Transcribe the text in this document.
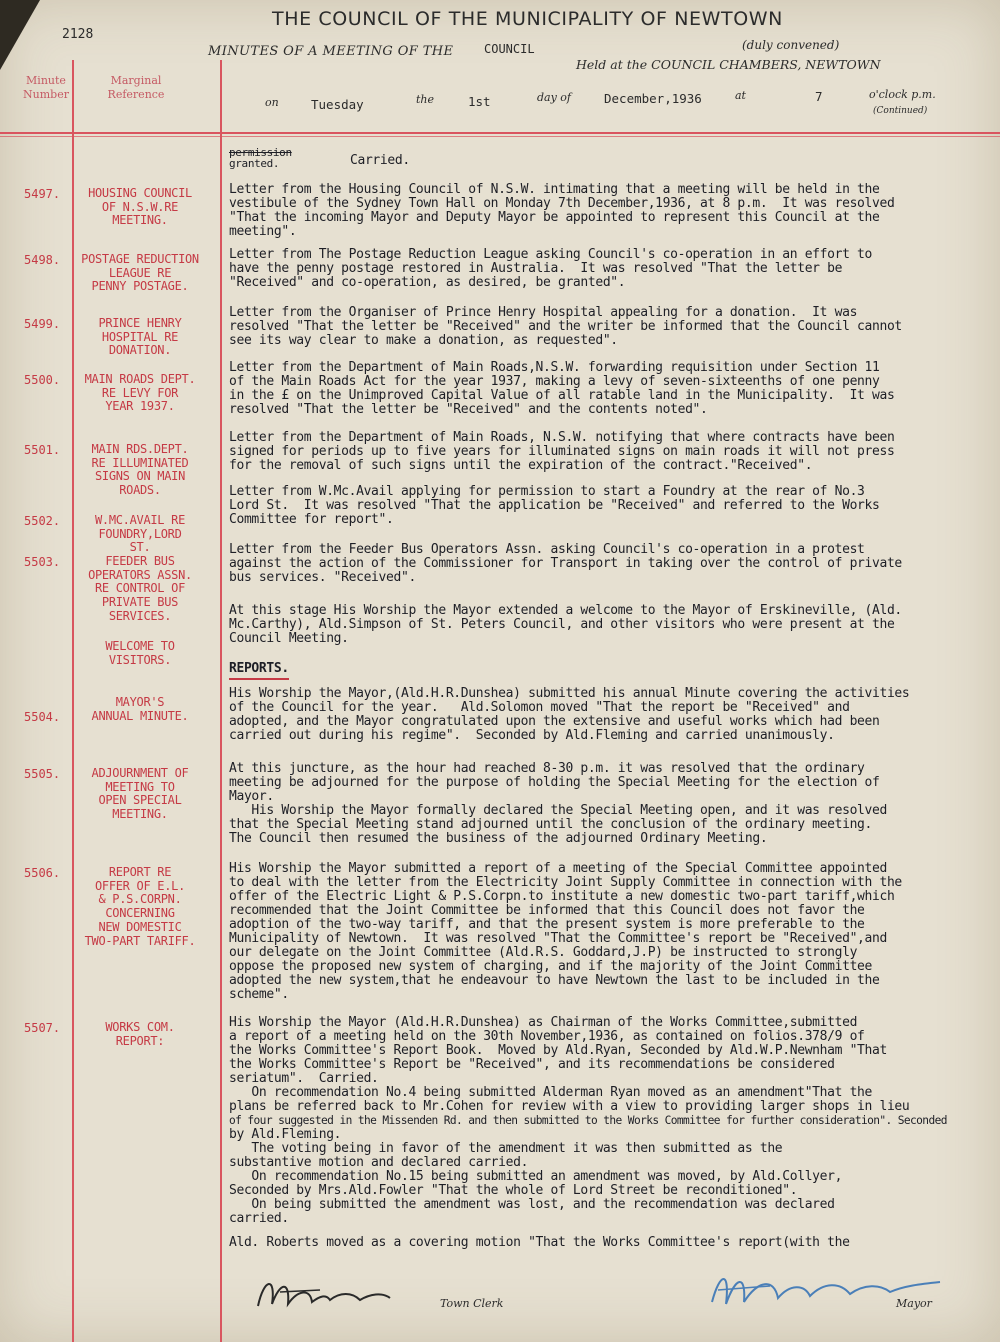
2128
THE COUNCIL OF THE MUNICIPALITY OF NEWTOWN
MINUTES OF A MEETING OF THE	COUNCIL	(duly convened)
Held at the COUNCIL CHAMBERS, NEWTOWN
Minute
Number
Marginal
Reference
on	Tuesday	the	1st	day of	December,1936	at	7	o'clock p.m.
(Continued)
permission
granted.	Carried.
5497.	HOUSING COUNCIL
OF N.S.W.RE
MEETING.
Letter from the Housing Council of N.S.W. intimating that a meeting will be held in the
vestibule of the Sydney Town Hall on Monday 7th December,1936, at 8 p.m.  It was resolved
"That the incoming Mayor and Deputy Mayor be appointed to represent this Council at the
meeting".
5498.	POSTAGE REDUCTION
LEAGUE RE
PENNY POSTAGE.
Letter from The Postage Reduction League asking Council's co-operation in an effort to
have the penny postage restored in Australia.  It was resolved "That the letter be
"Received" and co-operation, as desired, be granted".
5499.	PRINCE HENRY
HOSPITAL RE
DONATION.
Letter from the Organiser of Prince Henry Hospital appealing for a donation.  It was
resolved "That the letter be "Received" and the writer be informed that the Council cannot
see its way clear to make a donation, as requested".
5500.	MAIN ROADS DEPT.
RE LEVY FOR
YEAR 1937.
Letter from the Department of Main Roads,N.S.W. forwarding requisition under Section 11
of the Main Roads Act for the year 1937, making a levy of seven-sixteenths of one penny
in the £ on the Unimproved Capital Value of all ratable land in the Municipality.  It was
resolved "That the letter be "Received" and the contents noted".
5501.	MAIN RDS.DEPT.
RE ILLUMINATED
SIGNS ON MAIN
ROADS.
Letter from the Department of Main Roads, N.S.W. notifying that where contracts have been
signed for periods up to five years for illuminated signs on main roads it will not press
for the removal of such signs until the expiration of the contract."Received".
5502.	W.MC.AVAIL RE
FOUNDRY,LORD
ST.
Letter from W.Mc.Avail applying for permission to start a Foundry at the rear of No.3
Lord St.  It was resolved "That the application be "Received" and referred to the Works
Committee for report".
5503.	FEEDER BUS
OPERATORS ASSN.
RE CONTROL OF
PRIVATE BUS
SERVICES.
Letter from the Feeder Bus Operators Assn. asking Council's co-operation in a protest
against the action of the Commissioner for Transport in taking over the control of private
bus services. "Received".
WELCOME TO
VISITORS.
At this stage His Worship the Mayor extended a welcome to the Mayor of Erskineville, (Ald.
Mc.Carthy), Ald.Simpson of St. Peters Council, and other visitors who were present at the
Council Meeting.
REPORTS.
5504.
MAYOR'S
ANNUAL MINUTE.
His Worship the Mayor,(Ald.H.R.Dunshea) submitted his annual Minute covering the activities
of the Council for the year.   Ald.Solomon moved "That the report be "Received" and
adopted, and the Mayor congratulated upon the extensive and useful works which had been
carried out during his regime".  Seconded by Ald.Fleming and carried unanimously.
5505.	ADJOURNMENT OF
MEETING TO
OPEN SPECIAL
MEETING.
At this juncture, as the hour had reached 8-30 p.m. it was resolved that the ordinary
meeting be adjourned for the purpose of holding the Special Meeting for the election of
Mayor.
His Worship the Mayor formally declared the Special Meeting open, and it was resolved
that the Special Meeting stand adjourned until the conclusion of the ordinary meeting.
The Council then resumed the business of the adjourned Ordinary Meeting.
5506.	REPORT RE
OFFER OF E.L.
& P.S.CORPN.
CONCERNING
NEW DOMESTIC
TWO-PART TARIFF.
His Worship the Mayor submitted a report of a meeting of the Special Committee appointed
to deal with the letter from the Electricity Joint Supply Committee in connection with the
offer of the Electric Light & P.S.Corpn.to institute a new domestic two-part tariff,which
recommended that the Joint Committee be informed that this Council does not favor the
adoption of the two-way tariff, and that the present system is more preferable to the
Municipality of Newtown.  It was resolved "That the Committee's report be "Received",and
our delegate on the Joint Committee (Ald.R.S. Goddard,J.P) be instructed to strongly
oppose the proposed new system of charging, and if the majority of the Joint Committee
adopted the new system,that he endeavour to have Newtown the last to be included in the
scheme".
5507.	WORKS COM.
REPORT:
His Worship the Mayor (Ald.H.R.Dunshea) as Chairman of the Works Committee,submitted
a report of a meeting held on the 30th November,1936, as contained on folios.378/9 of
the Works Committee's Report Book.  Moved by Ald.Ryan, Seconded by Ald.W.P.Newnham "That
the Works Committee's Report be "Received", and its recommendations be considered
seriatum".  Carried.
On recommendation No.4 being submitted Alderman Ryan moved as an amendment"That the
plans be referred back to Mr.Cohen for review with a view to providing larger shops in lieu
of four suggested in the Missenden Rd. and then submitted to the Works Committee for further consideration". Seconded
by Ald.Fleming.
The voting being in favor of the amendment it was then submitted as the
substantive motion and declared carried.
On recommendation No.15 being submitted an amendment was moved, by Ald.Collyer,
Seconded by Mrs.Ald.Fowler "That the whole of Lord Street be reconditioned".
On being submitted the amendment was lost, and the recommendation was declared
carried.
Ald. Roberts moved as a covering motion "That the Works Committee's report(with the
Town Clerk	Mayor
